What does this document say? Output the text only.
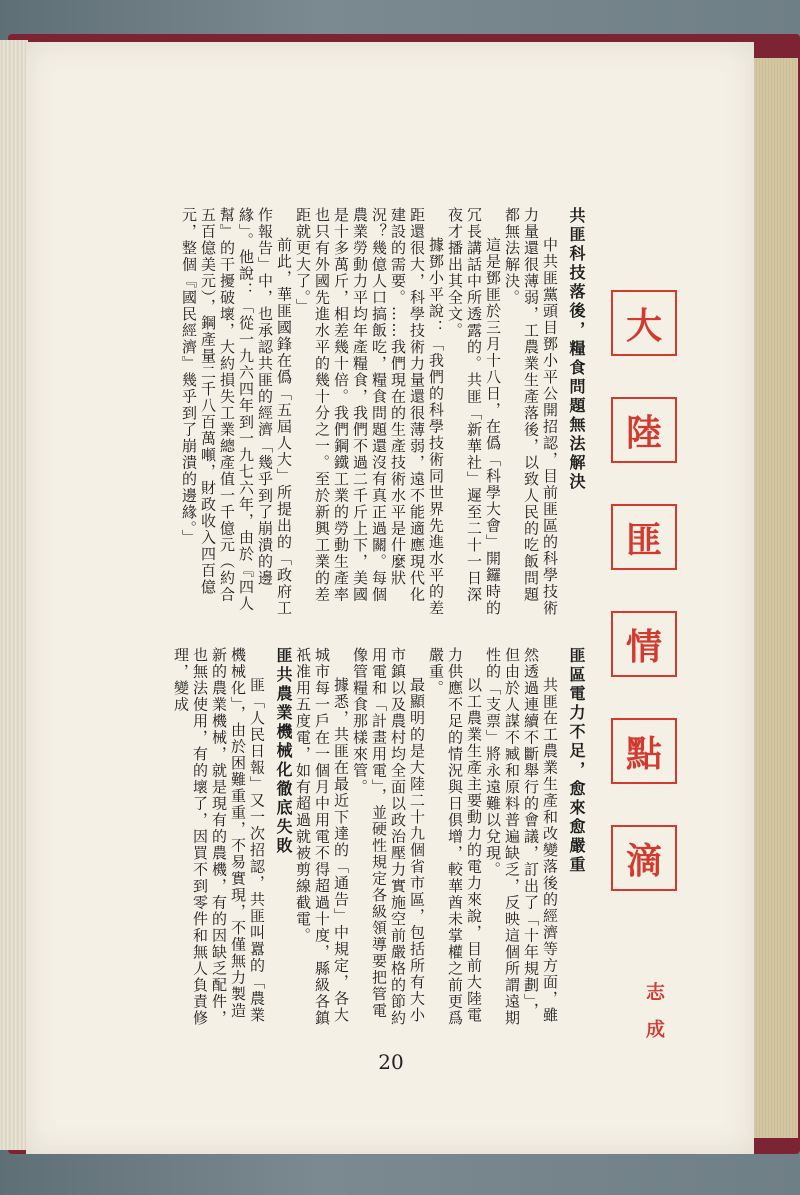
共匪科技落後，糧食問題無法解決

中共匪黨頭目鄧小平公開招認，目前匪區的科學技術力量還很薄弱，工農業生產落後，以致人民的吃飯問題都無法解決。

這是鄧匪於三月十八日，在僞「科學大會」開鑼時的冗長講話中所透露的。共匪「新華社」遲至二十一日深夜才播出其全文。

據鄧小平說：「我們的科學技術同世界先進水平的差距還很大，科學技術力量還很薄弱，遠不能適應現代化建設的需要。……我們現在的生產技術水平是什麼狀況？幾億人口搞飯吃，糧食問題還沒有真正過關。每個農業勞動力平均年產糧食，我們不過二千斤上下，美國是十多萬斤，相差幾十倍。我們鋼鐵工業的勞動生產率也只有外國先進水平的幾十分之一。至於新興工業的差距就更大了。」

前此，華匪國鋒在僞「五屆人大」所提出的「政府工作報告」中，也承認共匪的經濟「幾乎到了崩潰的邊緣」。他說：「從一九六四年到一九七六年，由於『四人幫』的干擾破壞，大約損失工業總產值一千億元（約合五百億美元），鋼產量二千八百萬噸，財政收入四百億元，整個『國民經濟』幾乎到了崩潰的邊緣。」

匪區電力不足，愈來愈嚴重

共匪在工農業生產和改變落後的經濟等方面，雖然透過連續不斷舉行的會議，訂出了「十年規劃」，但由於人謀不臧和原料普遍缺乏，反映這個所謂遠期性的「支票」將永遠難以兌現。

以工農業生產主要動力的電力來說，目前大陸電力供應不足的情況與日俱增，較華酋未掌權之前更爲嚴重。

最顯明的是大陸二十九個省市區，包括所有大小市鎮以及農村均全面以政治壓力實施空前嚴格的節約用電和「計畫用電」，並硬性規定各級領導要把管電像管糧食那樣來管。

據悉，共匪在最近下達的「通告」中規定，各大城市每一戶在一個月中用電不得超過十度，縣級各鎮祇准用五度電，如有超過就被剪線截電。

匪共農業機械化徹底失敗

匪「人民日報」又一次招認，共匪叫囂的「農業機械化」，由於困難重重，不易實現，不僅無力製造新的農業機械，就是現有的農機，有的因缺乏配件，也無法使用，有的壞了，因買不到零件和無人負責修理，變成

大
陸
匪
情
點
滴
志成
20
